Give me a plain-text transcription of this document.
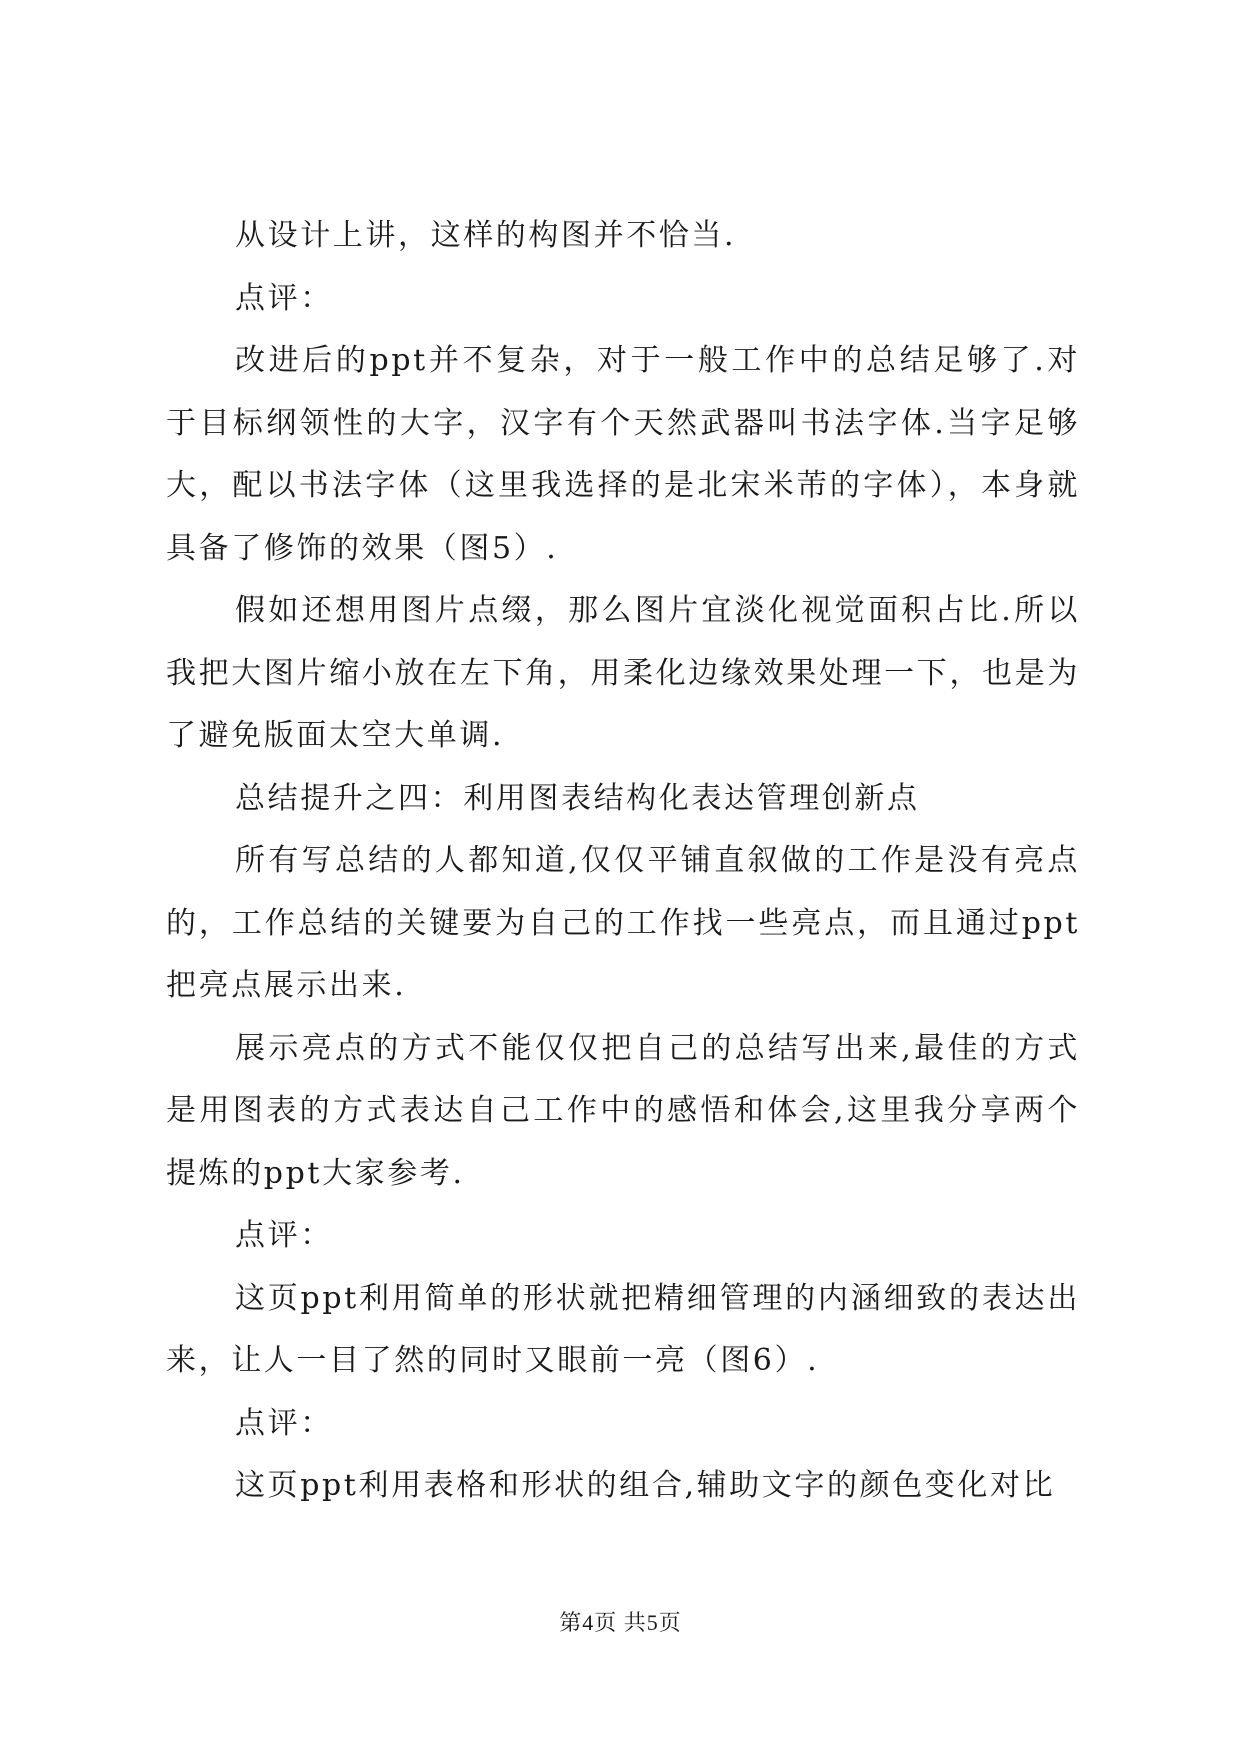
从设计上讲，这样的构图并不恰当.

点评：

改进后的ppt并不复杂，对于一般工作中的总结足够了.对于目标纲领性的大字，汉字有个天然武器叫书法字体.当字足够大，配以书法字体（这里我选择的是北宋米芾的字体），本身就具备了修饰的效果（图5）.

假如还想用图片点缀，那么图片宜淡化视觉面积占比.所以我把大图片缩小放在左下角，用柔化边缘效果处理一下，也是为了避免版面太空大单调.

总结提升之四：利用图表结构化表达管理创新点

所有写总结的人都知道,仅仅平铺直叙做的工作是没有亮点的，工作总结的关键要为自己的工作找一些亮点，而且通过ppt把亮点展示出来.

展示亮点的方式不能仅仅把自己的总结写出来,最佳的方式是用图表的方式表达自己工作中的感悟和体会,这里我分享两个提炼的ppt大家参考.

点评：

这页ppt利用简单的形状就把精细管理的内涵细致的表达出来，让人一目了然的同时又眼前一亮（图6）.

点评：

这页ppt利用表格和形状的组合,辅助文字的颜色变化对比

第4页 共5页
